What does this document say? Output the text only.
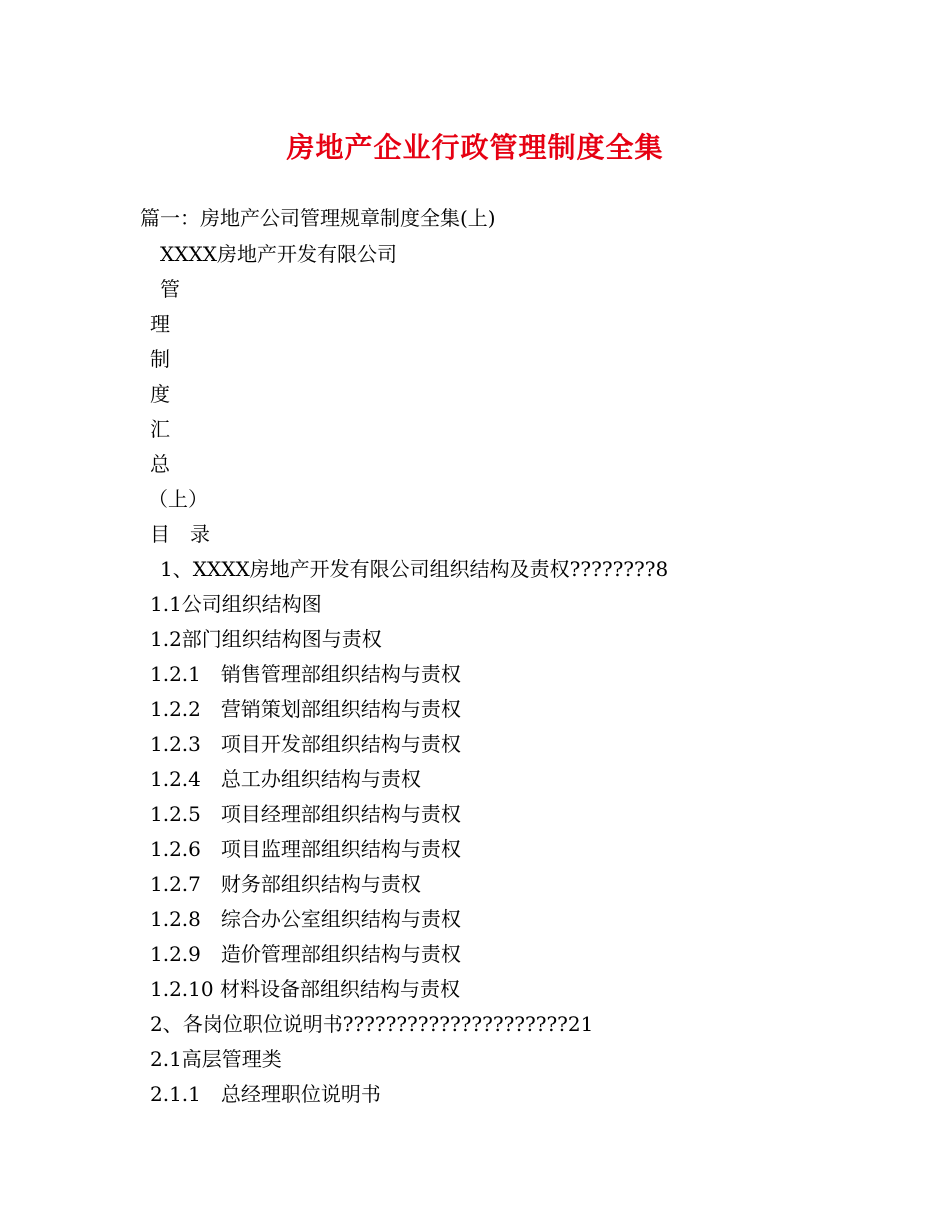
房地产企业行政管理制度全集

篇一：房地产公司管理规章制度全集(上)

XXXX房地产开发有限公司

管

理

制

度

汇

总

（上）

目　录

1、XXXX房地产开发有限公司组织结构及责权????????8

1.1公司组织结构图

1.2部门组织结构图与责权

1.2.1　销售管理部组织结构与责权

1.2.2　营销策划部组织结构与责权

1.2.3　项目开发部组织结构与责权

1.2.4　总工办组织结构与责权

1.2.5　项目经理部组织结构与责权

1.2.6　项目监理部组织结构与责权

1.2.7　财务部组织结构与责权

1.2.8　综合办公室组织结构与责权

1.2.9　造价管理部组织结构与责权

1.2.10 材料设备部组织结构与责权

2、各岗位职位说明书?????????????????????21

2.1高层管理类

2.1.1　总经理职位说明书
